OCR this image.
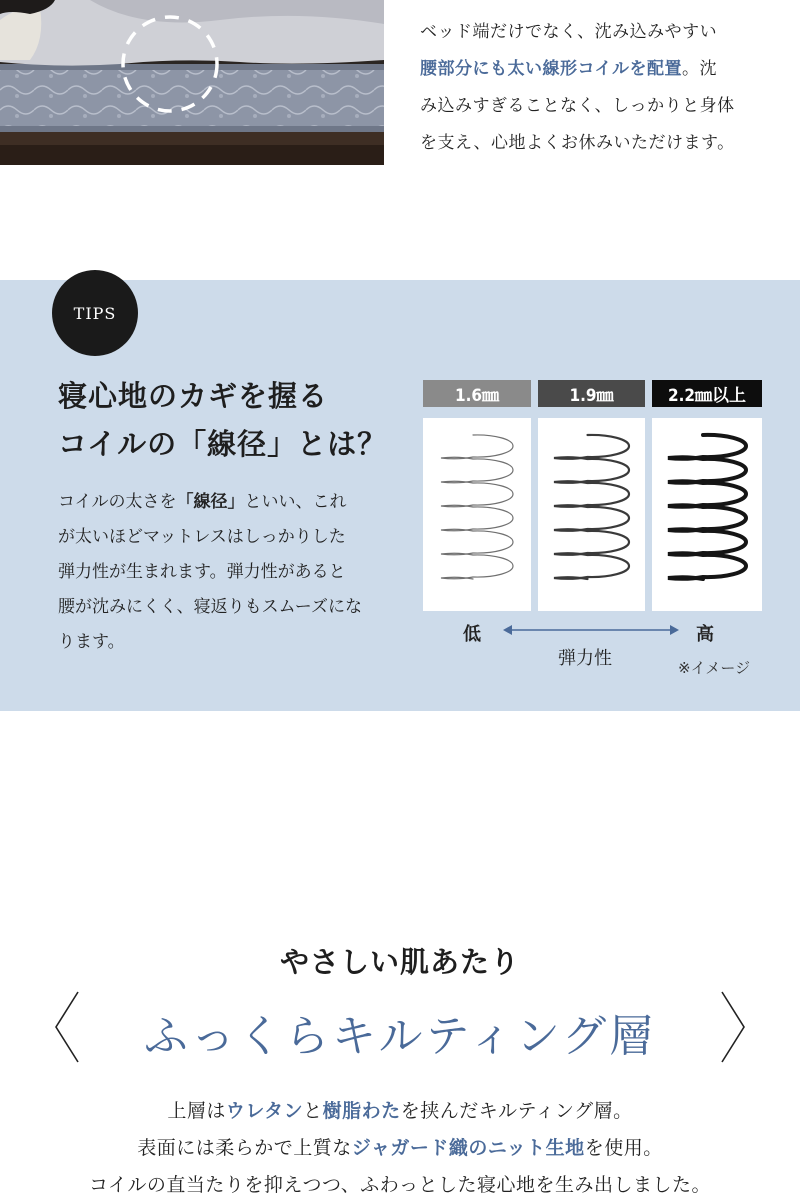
ベッド端だけでなく、沈み込みやすい
腰部分にも太い線形コイルを配置。沈
み込みすぎることなく、しっかりと身体
を支え、心地よくお休みいただけます。
TIPS
寝心地のカギを握る
コイルの「線径」とは？
コイルの太さを「線径」といい、これ
が太いほどマットレスはしっかりした
弾力性が生まれます。弾力性があると
腰が沈みにくく、寝返りもスムーズにな
ります。
1.6㎜	1.9㎜	2.2㎜以上
低	高
弾力性	※イメージ
やさしい肌あたり
ふっくらキルティング層
上層はウレタンと樹脂わたを挟んだキルティング層。
表面には柔らかで上質なジャガード織のニット生地を使用。
コイルの直当たりを抑えつつ、ふわっとした寝心地を生み出しました。
